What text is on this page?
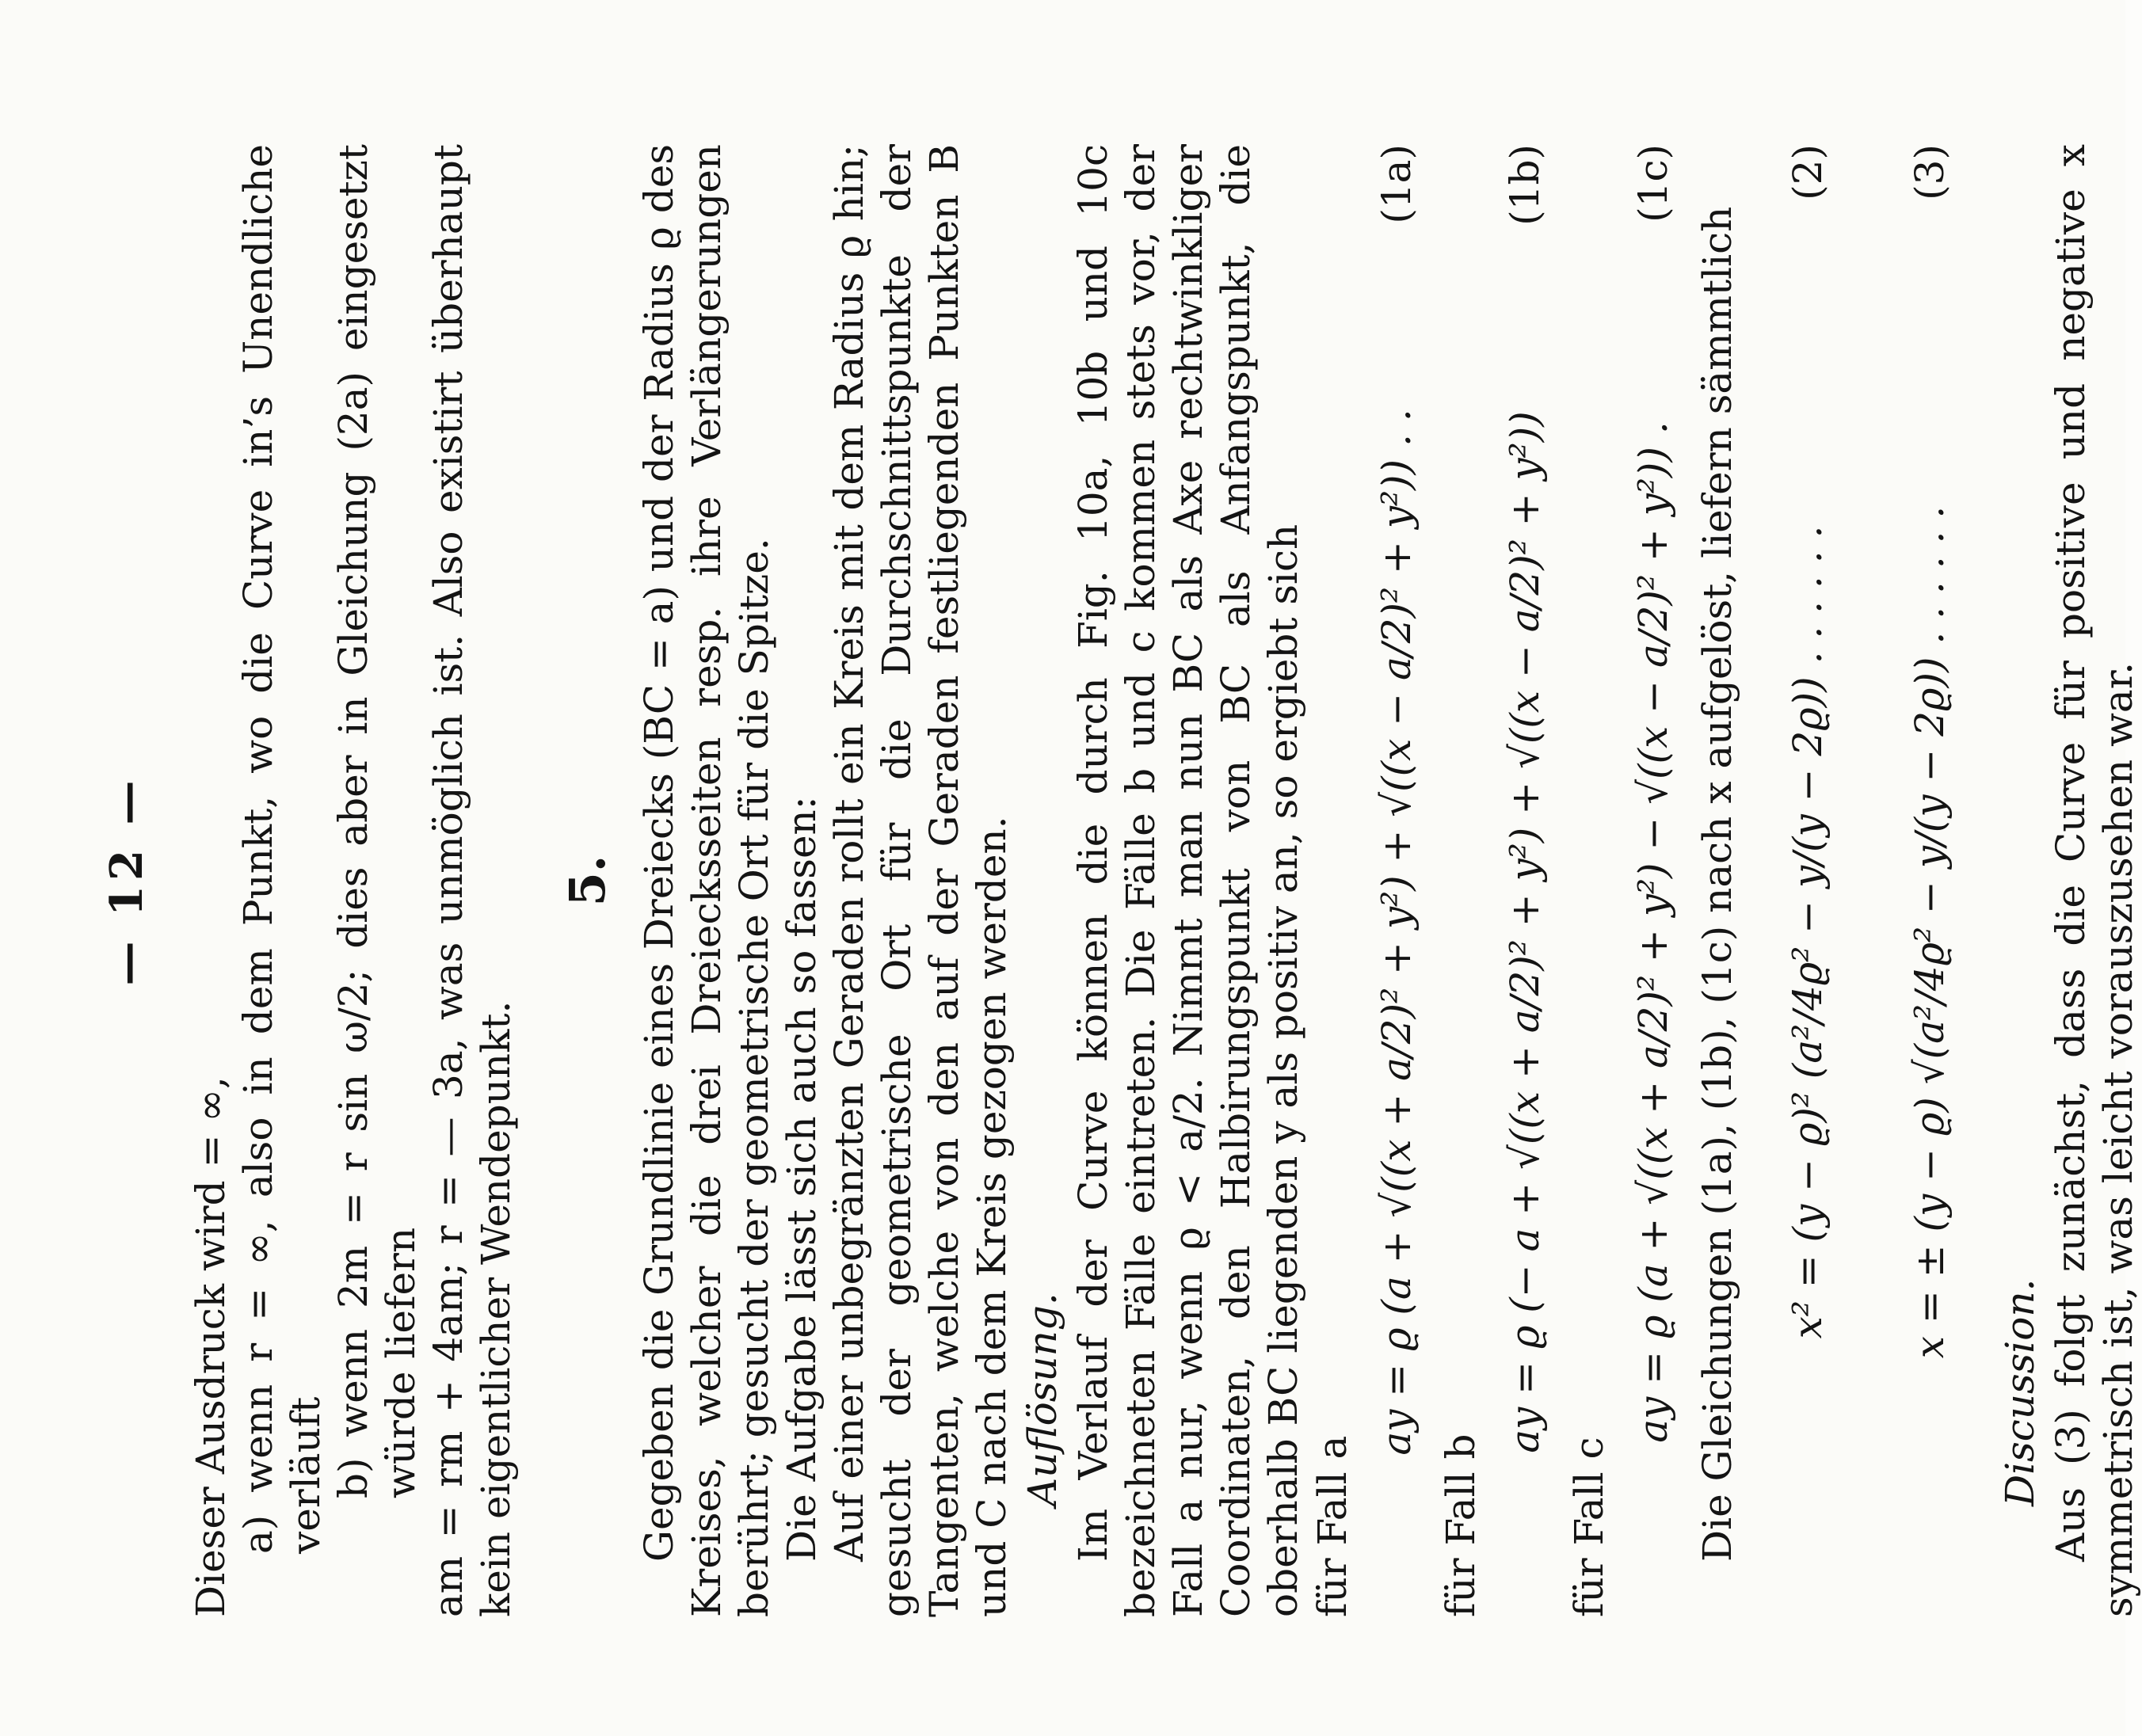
— 12 —

Dieser Ausdruck wird = ∞, a) wenn r = ∞, also in dem Punkt, wo die Curve in’s Unendliche verläuft b) wenn 2m = r sin ω/2; dies aber in Gleichung (2a) eingesetzt würde liefern am = rm + 4am; r = — 3a, was unmöglich ist. Also existirt überhaupt kein eigentlicher Wendepunkt.

5. Gegeben die Grundlinie eines Dreiecks (BC = a) und der Radius ϱ des Kreises, welcher die drei Dreiecksseiten resp. ihre Verlängerungen berührt; gesucht der geometrische Ort für die Spitze. Die Aufgabe lässt sich auch so fassen: Auf einer unbegränzten Geraden rollt ein Kreis mit dem Radius ϱ hin; gesucht der geometrische Ort für die Durchschnittspunkte der Tangenten, welche von den auf der Geraden festliegenden Punkten B und C nach dem Kreis gezogen werden. Auflösung. Im Verlauf der Curve können die durch Fig. 10a, 10b und 10c bezeichneten Fälle eintreten. Die Fälle b und c kommen stets vor, der Fall a nur, wenn ϱ < a/2. Nimmt man nun BC als Axe rechtwinkliger Coordinaten, den Halbirungspunkt von BC als Anfangspunkt, die oberhalb BC liegenden y als positiv an, so ergiebt sich für Fall a
ay = ϱ (a + √((x + a/2)² + y²) + √((x − a/2)² + y²)) . .
(1a)
für Fall b
ay = ϱ (− a + √((x + a/2)² + y²) + √((x − a/2)² + y²))
(1b)
für Fall c
ay = ϱ (a + √((x + a/2)² + y²) − √((x − a/2)² + y²)) .
(1c)

Die Gleichungen (1a), (1b), (1c) nach x aufgelöst, liefern sämmtlich x² = (y − ϱ)² (a²/4ϱ² − y/(y − 2ϱ)) . . . . . .
(2)
x = ± (y − ϱ) √(a²/4ϱ² − y/(y − 2ϱ)) . . . . . .
(3)
Discussion. Aus (3) folgt zunächst, dass die Curve für positive und negative x symmetrisch ist, was leicht vorauszusehen war.
